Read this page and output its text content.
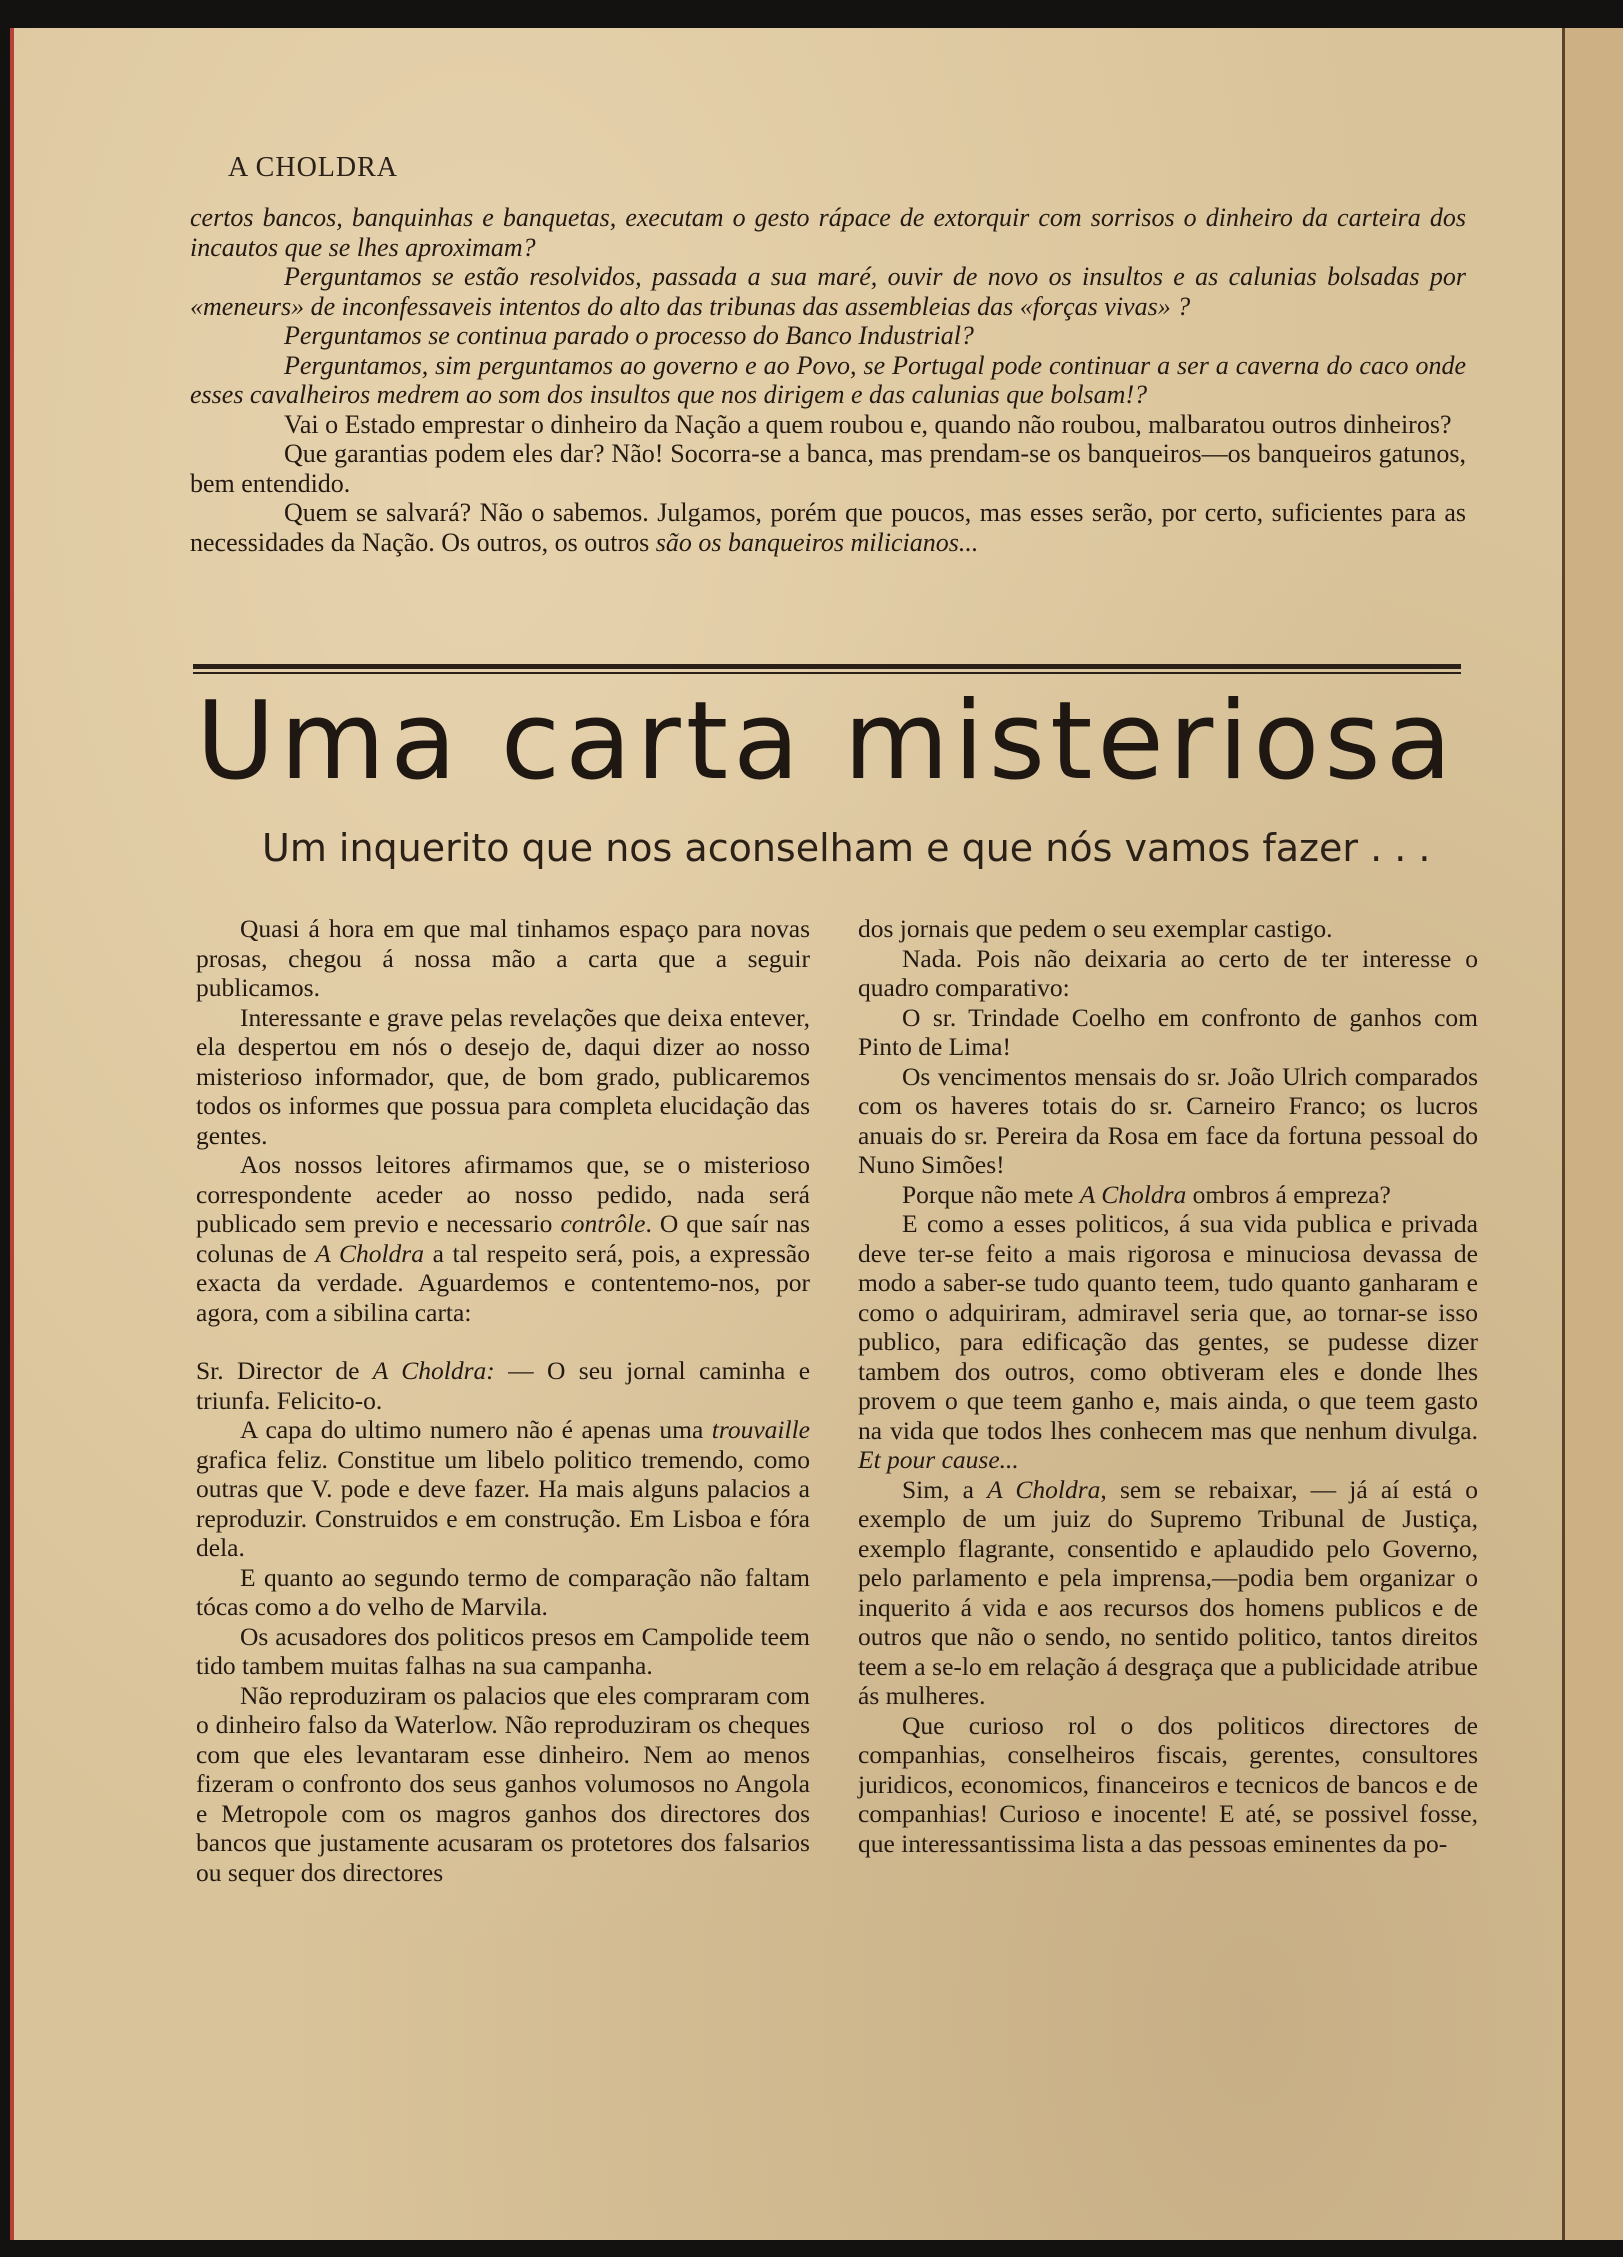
A CHOLDRA

certos bancos, banquinhas e banquetas, executam o gesto rápace de extorquir com sorrisos o dinheiro da carteira dos incautos que se lhes aproximam?

Perguntamos se estão resolvidos, passada a sua maré, ouvir de novo os insultos e as calunias bolsadas por «meneurs» de inconfessaveis intentos do alto das tribunas das assembleias das «forças vivas» ?

Perguntamos se continua parado o processo do Banco Industrial?

Perguntamos, sim perguntamos ao governo e ao Povo, se Portugal pode continuar a ser a caverna do caco onde esses cavalheiros medrem ao som dos insultos que nos dirigem e das calunias que bolsam!?

Vai o Estado emprestar o dinheiro da Nação a quem roubou e, quando não roubou, malbaratou outros dinheiros?

Que garantias podem eles dar? Não! Socorra-se a banca, mas prendam-se os banqueiros—os banqueiros gatunos, bem entendido.

Quem se salvará? Não o sabemos. Julgamos, porém que poucos, mas esses serão, por certo, suficientes para as necessidades da Nação. Os outros, os outros são os banqueiros milicianos...

Uma carta misteriosa
Um inquerito que nos aconselham e que nós vamos fazer . . .

Quasi á hora em que mal tinhamos espaço para novas prosas, chegou á nossa mão a carta que a seguir publicamos.

Interessante e grave pelas revelações que deixa entever, ela despertou em nós o desejo de, daqui dizer ao nosso misterioso informador, que, de bom grado, publicaremos todos os informes que possua para completa elucidação das gentes.

Aos nossos leitores afirmamos que, se o misterioso correspondente aceder ao nosso pedido, nada será publicado sem previo e necessario contrôle. O que saír nas colunas de A Choldra a tal respeito será, pois, a expressão exacta da verdade. Aguardemos e contentemo-nos, por agora, com a sibilina carta:

Sr. Director de A Choldra: — O seu jornal caminha e triunfa. Felicito-o.

A capa do ultimo numero não é apenas uma trouvaille grafica feliz. Constitue um libelo politico tremendo, como outras que V. pode e deve fazer. Ha mais alguns palacios a reproduzir. Construidos e em construção. Em Lisboa e fóra dela.

E quanto ao segundo termo de comparação não faltam tócas como a do velho de Marvila.

Os acusadores dos politicos presos em Campolide teem tido tambem muitas falhas na sua campanha.

Não reproduziram os palacios que eles compraram com o dinheiro falso da Waterlow. Não reproduziram os cheques com que eles levantaram esse dinheiro. Nem ao menos fizeram o confronto dos seus ganhos volumosos no Angola e Metropole com os magros ganhos dos directores dos bancos que justamente acusaram os protetores dos falsarios ou sequer dos directores

dos jornais que pedem o seu exemplar castigo.

Nada. Pois não deixaria ao certo de ter interesse o quadro comparativo:

O sr. Trindade Coelho em confronto de ganhos com Pinto de Lima!

Os vencimentos mensais do sr. João Ulrich comparados com os haveres totais do sr. Carneiro Franco; os lucros anuais do sr. Pereira da Rosa em face da fortuna pessoal do Nuno Simões!

Porque não mete A Choldra ombros á empreza?

E como a esses politicos, á sua vida publica e privada deve ter-se feito a mais rigorosa e minuciosa devassa de modo a saber-se tudo quanto teem, tudo quanto ganharam e como o adquiriram, admiravel seria que, ao tornar-se isso publico, para edificação das gentes, se pudesse dizer tambem dos outros, como obtiveram eles e donde lhes provem o que teem ganho e, mais ainda, o que teem gasto na vida que todos lhes conhecem mas que nenhum divulga. Et pour cause...

Sim, a A Choldra, sem se rebaixar, — já aí está o exemplo de um juiz do Supremo Tribunal de Justiça, exemplo flagrante, consentido e aplaudido pelo Governo, pelo parlamento e pela imprensa,—podia bem organizar o inquerito á vida e aos recursos dos homens publicos e de outros que não o sendo, no sentido politico, tantos direitos teem a se-lo em relação á desgraça que a publicidade atribue ás mulheres.

Que curioso rol o dos politicos directores de companhias, conselheiros fiscais, gerentes, consultores juridicos, economicos, financeiros e tecnicos de bancos e de companhias! Curioso e inocente! E até, se possivel fosse, que interessantissima lista a das pessoas eminentes da po-
